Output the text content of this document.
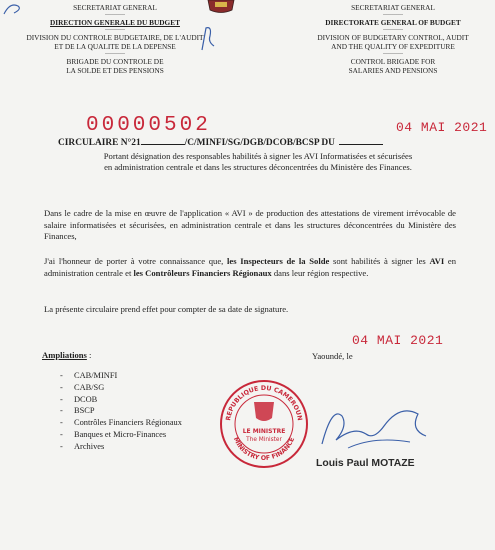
SECRETARIAT GENERAL
----------
DIRECTION GENERALE DU BUDGET
----------
DIVISION DU CONTROLE BUDGETAIRE, DE L'AUDIT
ET DE LA QUALITE DE LA DEPENSE
----------
BRIGADE DU CONTROLE DE
LA SOLDE ET DES PENSIONS
SECRETARIAT GENERAL
----------
DIRECTORATE GENERAL OF BUDGET
----------
DIVISION OF BUDGETARY CONTROL, AUDIT
AND THE QUALITY OF EXPEDITURE
----------
CONTROL BRIGADE FOR
SALARIES AND PENSIONS
00000502	04 MAI 2021
CIRCULAIRE N°21	/C/MINFI/SG/DGB/DCOB/BCSP DU
Portant désignation des responsables habilités à signer les AVI Informatisées et sécurisées
en administration centrale et dans les structures déconcentrées du Ministère des Finances.
Dans le cadre de la mise en œuvre de l'application « AVI » de production des attestations de virement irrévocable de salaire informatisées et sécurisées, en administration centrale et dans les structures déconcentrées du Ministère des Finances,
J'ai l'honneur de porter à votre connaissance que, les Inspecteurs de la Solde sont habilités à signer les AVI en administration centrale et les Contrôleurs Financiers Régionaux dans leur région respective.
La présente circulaire prend effet pour compter de sa date de signature.
04 MAI 2021
Ampliations :	Yaoundé, le
-	CAB/MINFI
-	CAB/SG
-	DCOB
-	BSCP
-	Contrôles Financiers Régionaux
-	Banques et Micro-Finances
-	Archives
REPUBLIQUE DU CAMEROUN
MINISTRY OF FINANCE
LE MINISTRE
The Minister
Louis Paul MOTAZE
